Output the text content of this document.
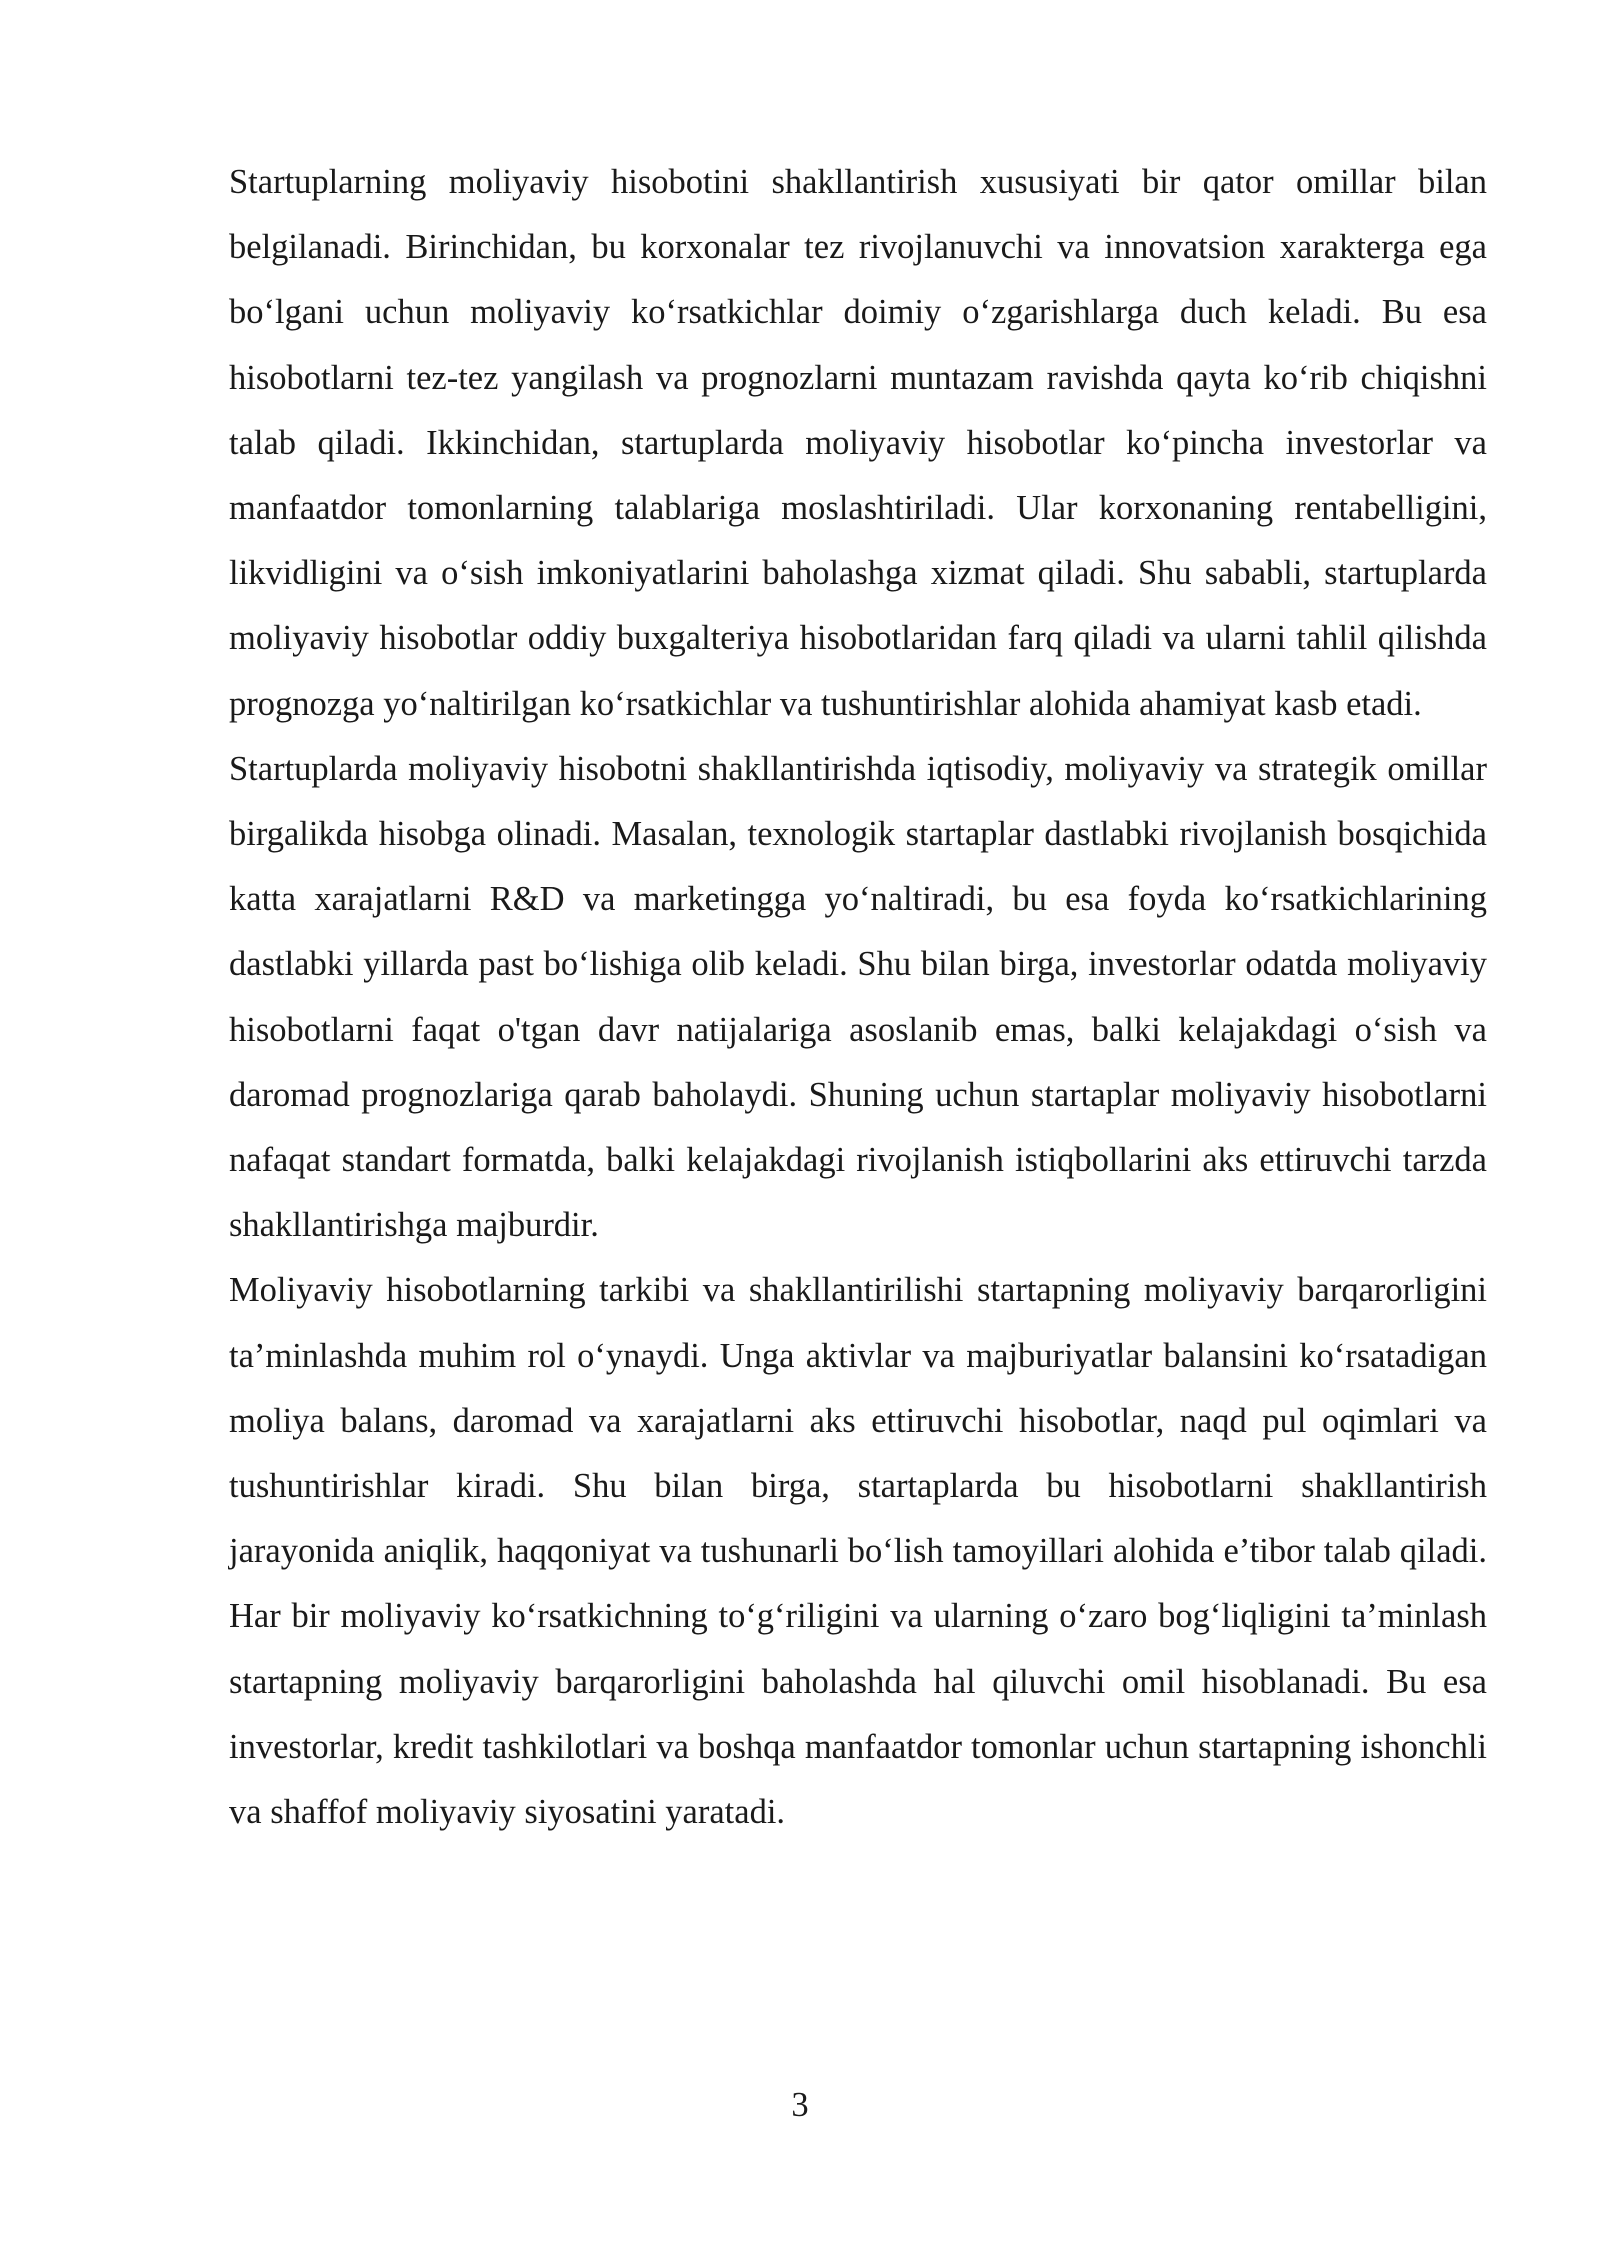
Startuplarning moliyaviy hisobotini shakllantirish xususiyati bir qator omillar bilan belgilanadi. Birinchidan, bu korxonalar tez rivojlanuvchi va innovatsion xarakterga ega bo‘lgani uchun moliyaviy ko‘rsatkichlar doimiy o‘zgarishlarga duch keladi. Bu esa hisobotlarni tez-tez yangilash va prognozlarni muntazam ravishda qayta ko‘rib chiqishni talab qiladi. Ikkinchidan, startuplarda moliyaviy hisobotlar ko‘pincha investorlar va manfaatdor tomonlarning talablariga moslashtiriladi. Ular korxonaning rentabelligini, likvidligini va o‘sish imkoniyatlarini baholashga xizmat qiladi. Shu sababli, startuplarda moliyaviy hisobotlar oddiy buxgalteriya hisobotlaridan farq qiladi va ularni tahlil qilishda prognozga yo‘naltirilgan ko‘rsatkichlar va tushuntirishlar alohida ahamiyat kasb etadi.

Startuplarda moliyaviy hisobotni shakllantirishda iqtisodiy, moliyaviy va strategik omillar birgalikda hisobga olinadi. Masalan, texnologik startaplar dastlabki rivojlanish bosqichida katta xarajatlarni R&D va marketingga yo‘naltiradi, bu esa foyda ko‘rsatkichlarining dastlabki yillarda past bo‘lishiga olib keladi. Shu bilan birga, investorlar odatda moliyaviy hisobotlarni faqat o'tgan davr natijalariga asoslanib emas, balki kelajakdagi o‘sish va daromad prognozlariga qarab baholaydi. Shuning uchun startaplar moliyaviy hisobotlarni nafaqat standart formatda, balki kelajakdagi rivojlanish istiqbollarini aks ettiruvchi tarzda shakllantirishga majburdir.

Moliyaviy hisobotlarning tarkibi va shakllantirilishi startapning moliyaviy barqarorligini ta’minlashda muhim rol o‘ynaydi. Unga aktivlar va majburiyatlar balansini ko‘rsatadigan moliya balans, daromad va xarajatlarni aks ettiruvchi hisobotlar, naqd pul oqimlari va tushuntirishlar kiradi. Shu bilan birga, startaplarda bu hisobotlarni shakllantirish jarayonida aniqlik, haqqoniyat va tushunarli bo‘lish tamoyillari alohida e’tibor talab qiladi. Har bir moliyaviy ko‘rsatkichning to‘g‘riligini va ularning o‘zaro bog‘liqligini ta’minlash startapning moliyaviy barqarorligini baholashda hal qiluvchi omil hisoblanadi. Bu esa investorlar, kredit tashkilotlari va boshqa manfaatdor tomonlar uchun startapning ishonchli va shaffof moliyaviy siyosatini yaratadi.

3
